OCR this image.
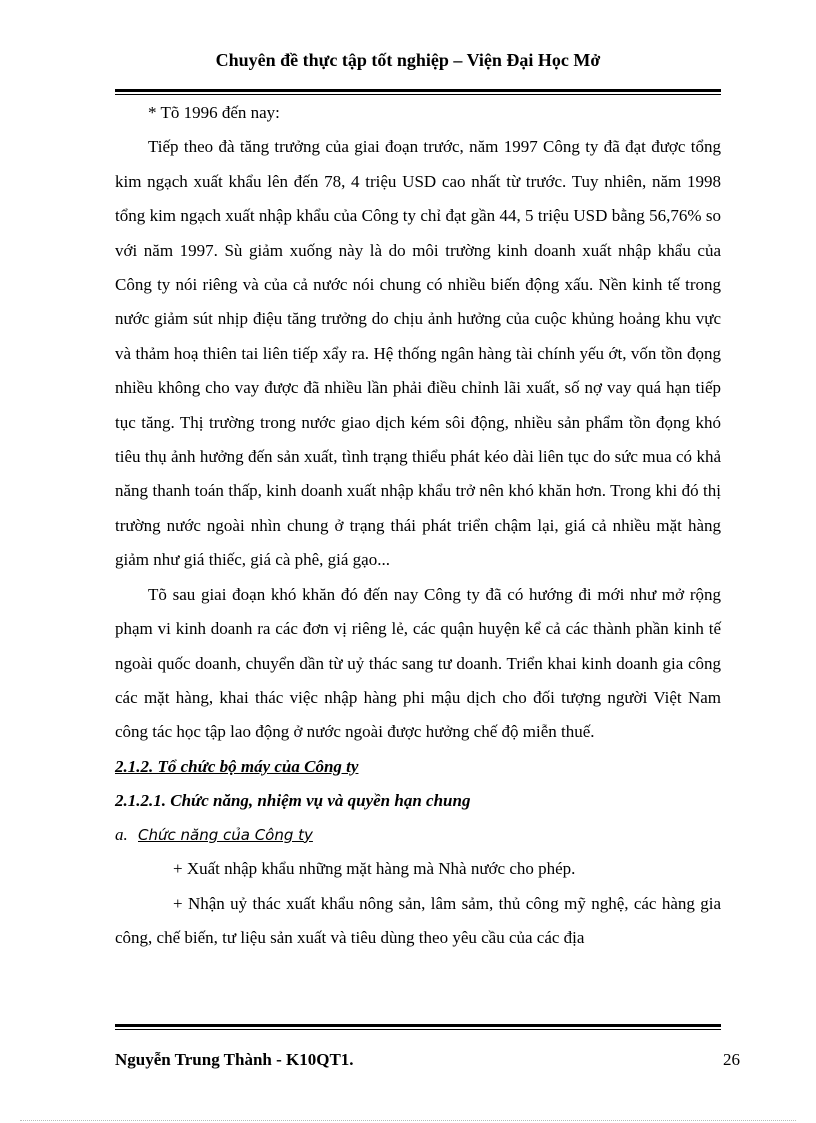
Chuyên đề thực tập tốt nghiệp – Viện Đại Học Mở

* Tõ 1996 đến nay:

Tiếp theo đà tăng trưởng của giai đoạn trước, năm 1997 Công ty đã đạt được tổng kim ngạch xuất khẩu lên đến 78, 4 triệu USD cao nhất từ trước. Tuy nhiên, năm 1998 tổng kim ngạch xuất nhập khẩu của Công ty chỉ đạt gần 44, 5 triệu USD bằng 56,76% so với năm 1997. Sù giảm xuống này là do môi trường kinh doanh xuất nhập khẩu của Công ty nói riêng và của cả nước nói chung có nhiều biến động xấu. Nền kinh tế trong nước giảm sút nhịp điệu tăng trưởng do chịu ảnh hưởng của cuộc khủng hoảng khu vực và thảm hoạ thiên tai liên tiếp xẩy ra. Hệ thống ngân hàng tài chính yếu ớt, vốn tồn đọng nhiều không cho vay được đã nhiều lần phải điều chỉnh lãi xuất, số nợ vay quá hạn tiếp tục tăng. Thị trường trong nước giao dịch kém sôi động, nhiều sản phẩm tồn đọng khó tiêu thụ ảnh hưởng đến sản xuất, tình trạng thiểu phát kéo dài liên tục do sức mua có khả năng thanh toán thấp, kinh doanh xuất nhập khẩu trở nên khó khăn hơn. Trong khi đó thị trường nước ngoài nhìn chung ở trạng thái phát triển chậm lại, giá cả nhiều mặt hàng giảm như giá thiếc, giá cà phê, giá gạo...

Tõ sau giai đoạn khó khăn đó đến nay Công ty đã có hướng đi mới như mở rộng phạm vi kinh doanh ra các đơn vị riêng lẻ, các quận huyện kể cả các thành phần kinh tế ngoài quốc doanh, chuyển dần từ uỷ thác sang tư doanh. Triển khai kinh doanh gia công các mặt hàng, khai thác việc nhập hàng phi mậu dịch cho đối tượng người Việt Nam công tác học tập lao động ở nước ngoài được hưởng chế độ miễn thuế.

2.1.2. Tổ chức bộ máy của Công ty

2.1.2.1. Chức năng, nhiệm vụ và quyền hạn chung

a. Chức năng của Công ty

+ Xuất nhập khẩu những mặt hàng mà Nhà nước cho phép.

+ Nhận uỷ thác xuất khẩu nông sản, lâm sảm, thủ công mỹ nghệ, các hàng gia công, chế biến, tư liệu sản xuất và tiêu dùng theo yêu cầu của các địa

Nguyễn Trung Thành - K10QT1.	26
